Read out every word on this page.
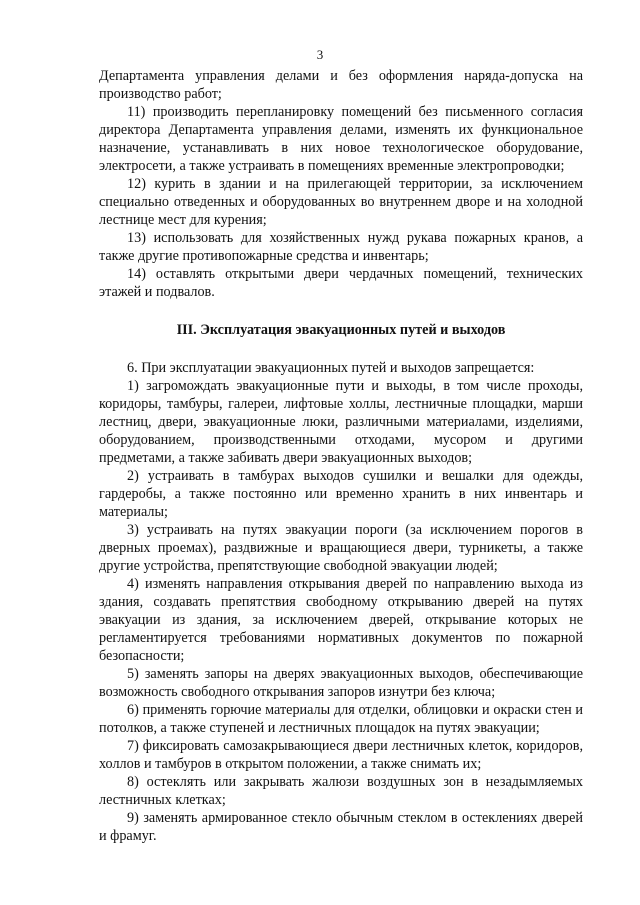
3

Департамента управления делами и без оформления наряда-допуска на производство работ;

11) производить перепланировку помещений без письменного согласия директора Департамента управления делами, изменять их функциональное назначение, устанавливать в них новое технологическое оборудование, электросети, а также устраивать в помещениях временные электропроводки;

12) курить в здании и на прилегающей территории, за исключением специально отведенных и оборудованных во внутреннем дворе и на холодной лестнице мест для курения;

13) использовать для хозяйственных нужд рукава пожарных кранов, а также другие противопожарные средства и инвентарь;

14) оставлять открытыми двери чердачных помещений, технических этажей и подвалов.

III. Эксплуатация эвакуационных путей и выходов

6. При эксплуатации эвакуационных путей и выходов запрещается:

1) загромождать эвакуационные пути и выходы, в том числе проходы, коридоры, тамбуры, галереи, лифтовые холлы, лестничные площадки, марши лестниц, двери, эвакуационные люки, различными материалами, изделиями, оборудованием, производственными отходами, мусором и другими предметами, а также забивать двери эвакуационных выходов;

2) устраивать в тамбурах выходов сушилки и вешалки для одежды, гардеробы, а также постоянно или временно хранить в них инвентарь и материалы;

3) устраивать на путях эвакуации пороги (за исключением порогов в дверных проемах), раздвижные и вращающиеся двери, турникеты, а также другие устройства, препятствующие свободной эвакуации людей;

4) изменять направления открывания дверей по направлению выхода из здания, создавать препятствия свободному открыванию дверей на путях эвакуации из здания, за исключением дверей, открывание которых не регламентируется требованиями нормативных документов по пожарной безопасности;

5) заменять запоры на дверях эвакуационных выходов, обеспечивающие возможность свободного открывания запоров изнутри без ключа;

6) применять горючие материалы для отделки, облицовки и окраски стен и потолков, а также ступеней и лестничных площадок на путях эвакуации;

7) фиксировать самозакрывающиеся двери лестничных клеток, коридоров, холлов и тамбуров в открытом положении, а также снимать их;

8) остеклять или закрывать жалюзи воздушных зон в незадымляемых лестничных клетках;

9) заменять армированное стекло обычным стеклом в остеклениях дверей и фрамуг.
